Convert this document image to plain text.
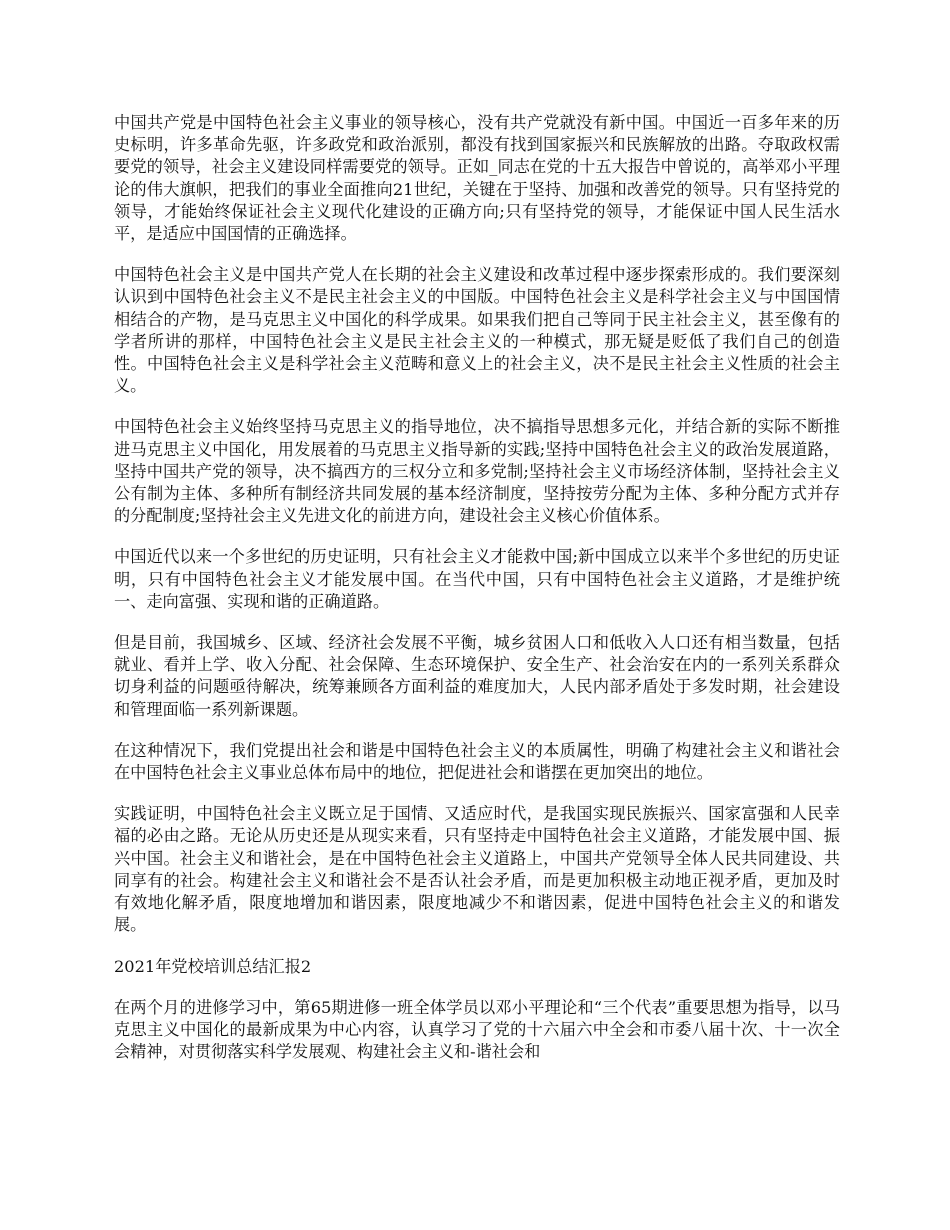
中国共产党是中国特色社会主义事业的领导核心，没有共产党就没有新中国。中国近一百多年来的历史标明，许多革命先驱，许多政党和政治派别，都没有找到国家振兴和民族解放的出路。夺取政权需要党的领导，社会主义建设同样需要党的领导。正如_同志在党的十五大报告中曾说的，高举邓小平理论的伟大旗帜，把我们的事业全面推向21世纪，关键在于坚持、加强和改善党的领导。只有坚持党的领导，才能始终保证社会主义现代化建设的正确方向;只有坚持党的领导，才能保证中国人民生活水平，是适应中国国情的正确选择。

中国特色社会主义是中国共产党人在长期的社会主义建设和改革过程中逐步探索形成的。我们要深刻认识到中国特色社会主义不是民主社会主义的中国版。中国特色社会主义是科学社会主义与中国国情相结合的产物，是马克思主义中国化的科学成果。如果我们把自己等同于民主社会主义，甚至像有的学者所讲的那样，中国特色社会主义是民主社会主义的一种模式，那无疑是贬低了我们自己的创造性。中国特色社会主义是科学社会主义范畴和意义上的社会主义，决不是民主社会主义性质的社会主义。

中国特色社会主义始终坚持马克思主义的指导地位，决不搞指导思想多元化，并结合新的实际不断推进马克思主义中国化，用发展着的马克思主义指导新的实践;坚持中国特色社会主义的政治发展道路，坚持中国共产党的领导，决不搞西方的三权分立和多党制;坚持社会主义市场经济体制，坚持社会主义公有制为主体、多种所有制经济共同发展的基本经济制度，坚持按劳分配为主体、多种分配方式并存的分配制度;坚持社会主义先进文化的前进方向，建设社会主义核心价值体系。

中国近代以来一个多世纪的历史证明，只有社会主义才能救中国;新中国成立以来半个多世纪的历史证明，只有中国特色社会主义才能发展中国。在当代中国，只有中国特色社会主义道路，才是维护统一、走向富强、实现和谐的正确道路。

但是目前，我国城乡、区域、经济社会发展不平衡，城乡贫困人口和低收入人口还有相当数量，包括就业、看并上学、收入分配、社会保障、生态环境保护、安全生产、社会治安在内的一系列关系群众切身利益的问题亟待解决，统筹兼顾各方面利益的难度加大，人民内部矛盾处于多发时期，社会建设和管理面临一系列新课题。

在这种情况下，我们党提出社会和谐是中国特色社会主义的本质属性，明确了构建社会主义和谐社会在中国特色社会主义事业总体布局中的地位，把促进社会和谐摆在更加突出的地位。

实践证明，中国特色社会主义既立足于国情、又适应时代，是我国实现民族振兴、国家富强和人民幸福的必由之路。无论从历史还是从现实来看，只有坚持走中国特色社会主义道路，才能发展中国、振兴中国。社会主义和谐社会，是在中国特色社会主义道路上，中国共产党领导全体人民共同建设、共同享有的社会。构建社会主义和谐社会不是否认社会矛盾，而是更加积极主动地正视矛盾，更加及时有效地化解矛盾，限度地增加和谐因素，限度地减少不和谐因素，促进中国特色社会主义的和谐发展。

2021年党校培训总结汇报2

在两个月的进修学习中，第65期进修一班全体学员以邓小平理论和“三个代表”重要思想为指导，以马克思主义中国化的最新成果为中心内容，认真学习了党的十六届六中全会和市委八届十次、十一次全会精神，对贯彻落实科学发展观、构建社会主义和-谐社会和
